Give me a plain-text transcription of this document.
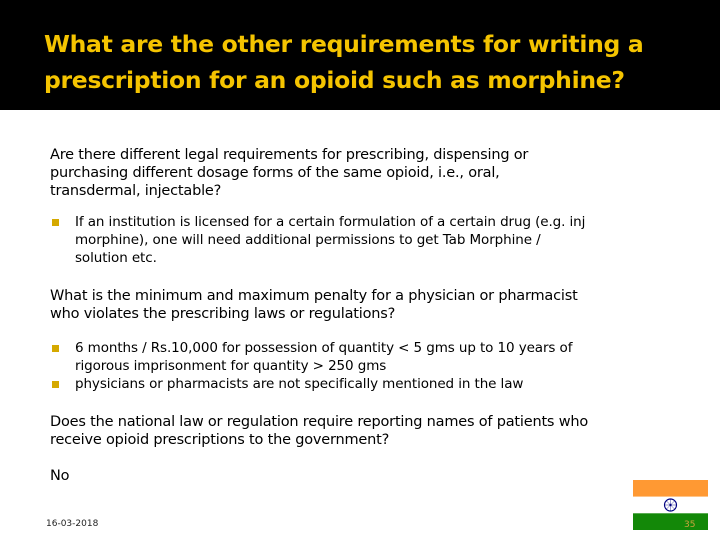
What are the other requirements for writing a
prescription for an opioid such as morphine?
Are there different legal requirements for prescribing, dispensing or
purchasing different dosage forms of the same opioid, i.e., oral,
transdermal, injectable?
If an institution is licensed for a certain formulation of a certain drug (e.g. inj
morphine), one will need additional permissions to get Tab Morphine /
solution etc.
What is the minimum and maximum penalty for a physician or pharmacist
who violates the prescribing laws or regulations?
6 months / Rs.10,000 for possession of quantity < 5 gms up to 10 years of
rigorous imprisonment for quantity > 250 gms
physicians or pharmacists are not specifically mentioned in the law
Does the national law or regulation require reporting names of patients who
receive opioid prescriptions to the government?
No
16-03-2018	35
